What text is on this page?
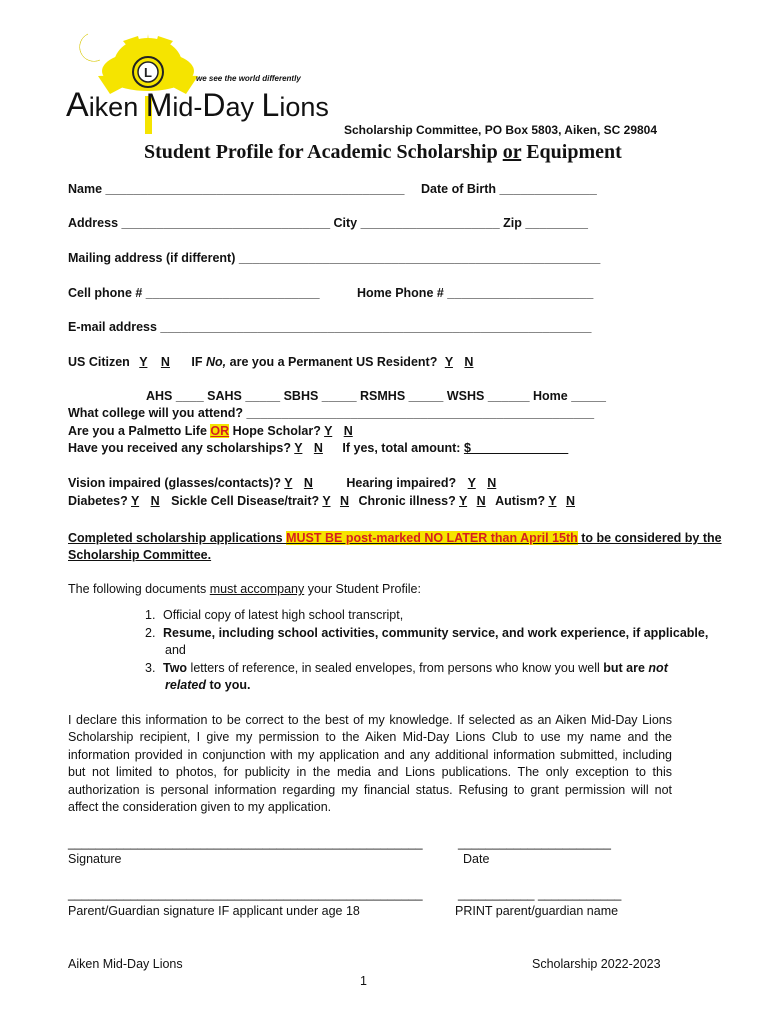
L	we see the world differently
Aiken Mid-Day Lions
Scholarship Committee, PO Box 5803, Aiken, SC 29804
Student Profile for Academic Scholarship or Equipment
Name ___________________________________________ Date of Birth ______________
Address ______________________________ City ____________________ Zip _________
Mailing address (if different) ____________________________________________________
Cell phone # _________________________	Home Phone # _____________________
E-mail address ______________________________________________________________
US Citizen Y N IF No, are you a Permanent US Resident? Y N
AHS ____ SAHS _____ SBHS _____ RSMHS _____ WSHS ______ Home _____
What college will you attend? __________________________________________________
Are you a Palmetto Life OR Hope Scholar? Y N
Have you received any scholarships? Y N If yes, total amount: $______________
Vision impaired (glasses/contacts)? Y N	Hearing impaired? Y N
Diabetes? Y N Sickle Cell Disease/trait? Y N Chronic illness? Y N Autism? Y N
Completed scholarship applications MUST BE post-marked NO LATER than April 15th to be considered by the
Scholarship Committee.
The following documents must accompany your Student Profile:
1. Official copy of latest high school transcript,
2. Resume, including school activities, community service, and work experience, if applicable,
and
3. Two letters of reference, in sealed envelopes, from persons who know you well but are not
related to you.
I declare this information to be correct to the best of my knowledge. If selected as an Aiken Mid-Day Lions Scholarship recipient, I give my permission to the Aiken Mid-Day Lions Club to use my name and the information provided in conjunction with my application and any additional information submitted, including but not limited to photos, for publicity in the media and Lions publications. The only exception to this authorization is personal information regarding my financial status. Refusing to grant permission will not affect the consideration given to my application.
___________________________________________________	______________________
Signature	Date
___________________________________________________	___________ ____________
Parent/Guardian signature IF applicant under age 18	PRINT parent/guardian name
Aiken Mid-Day Lions	Scholarship 2022-2023
1
